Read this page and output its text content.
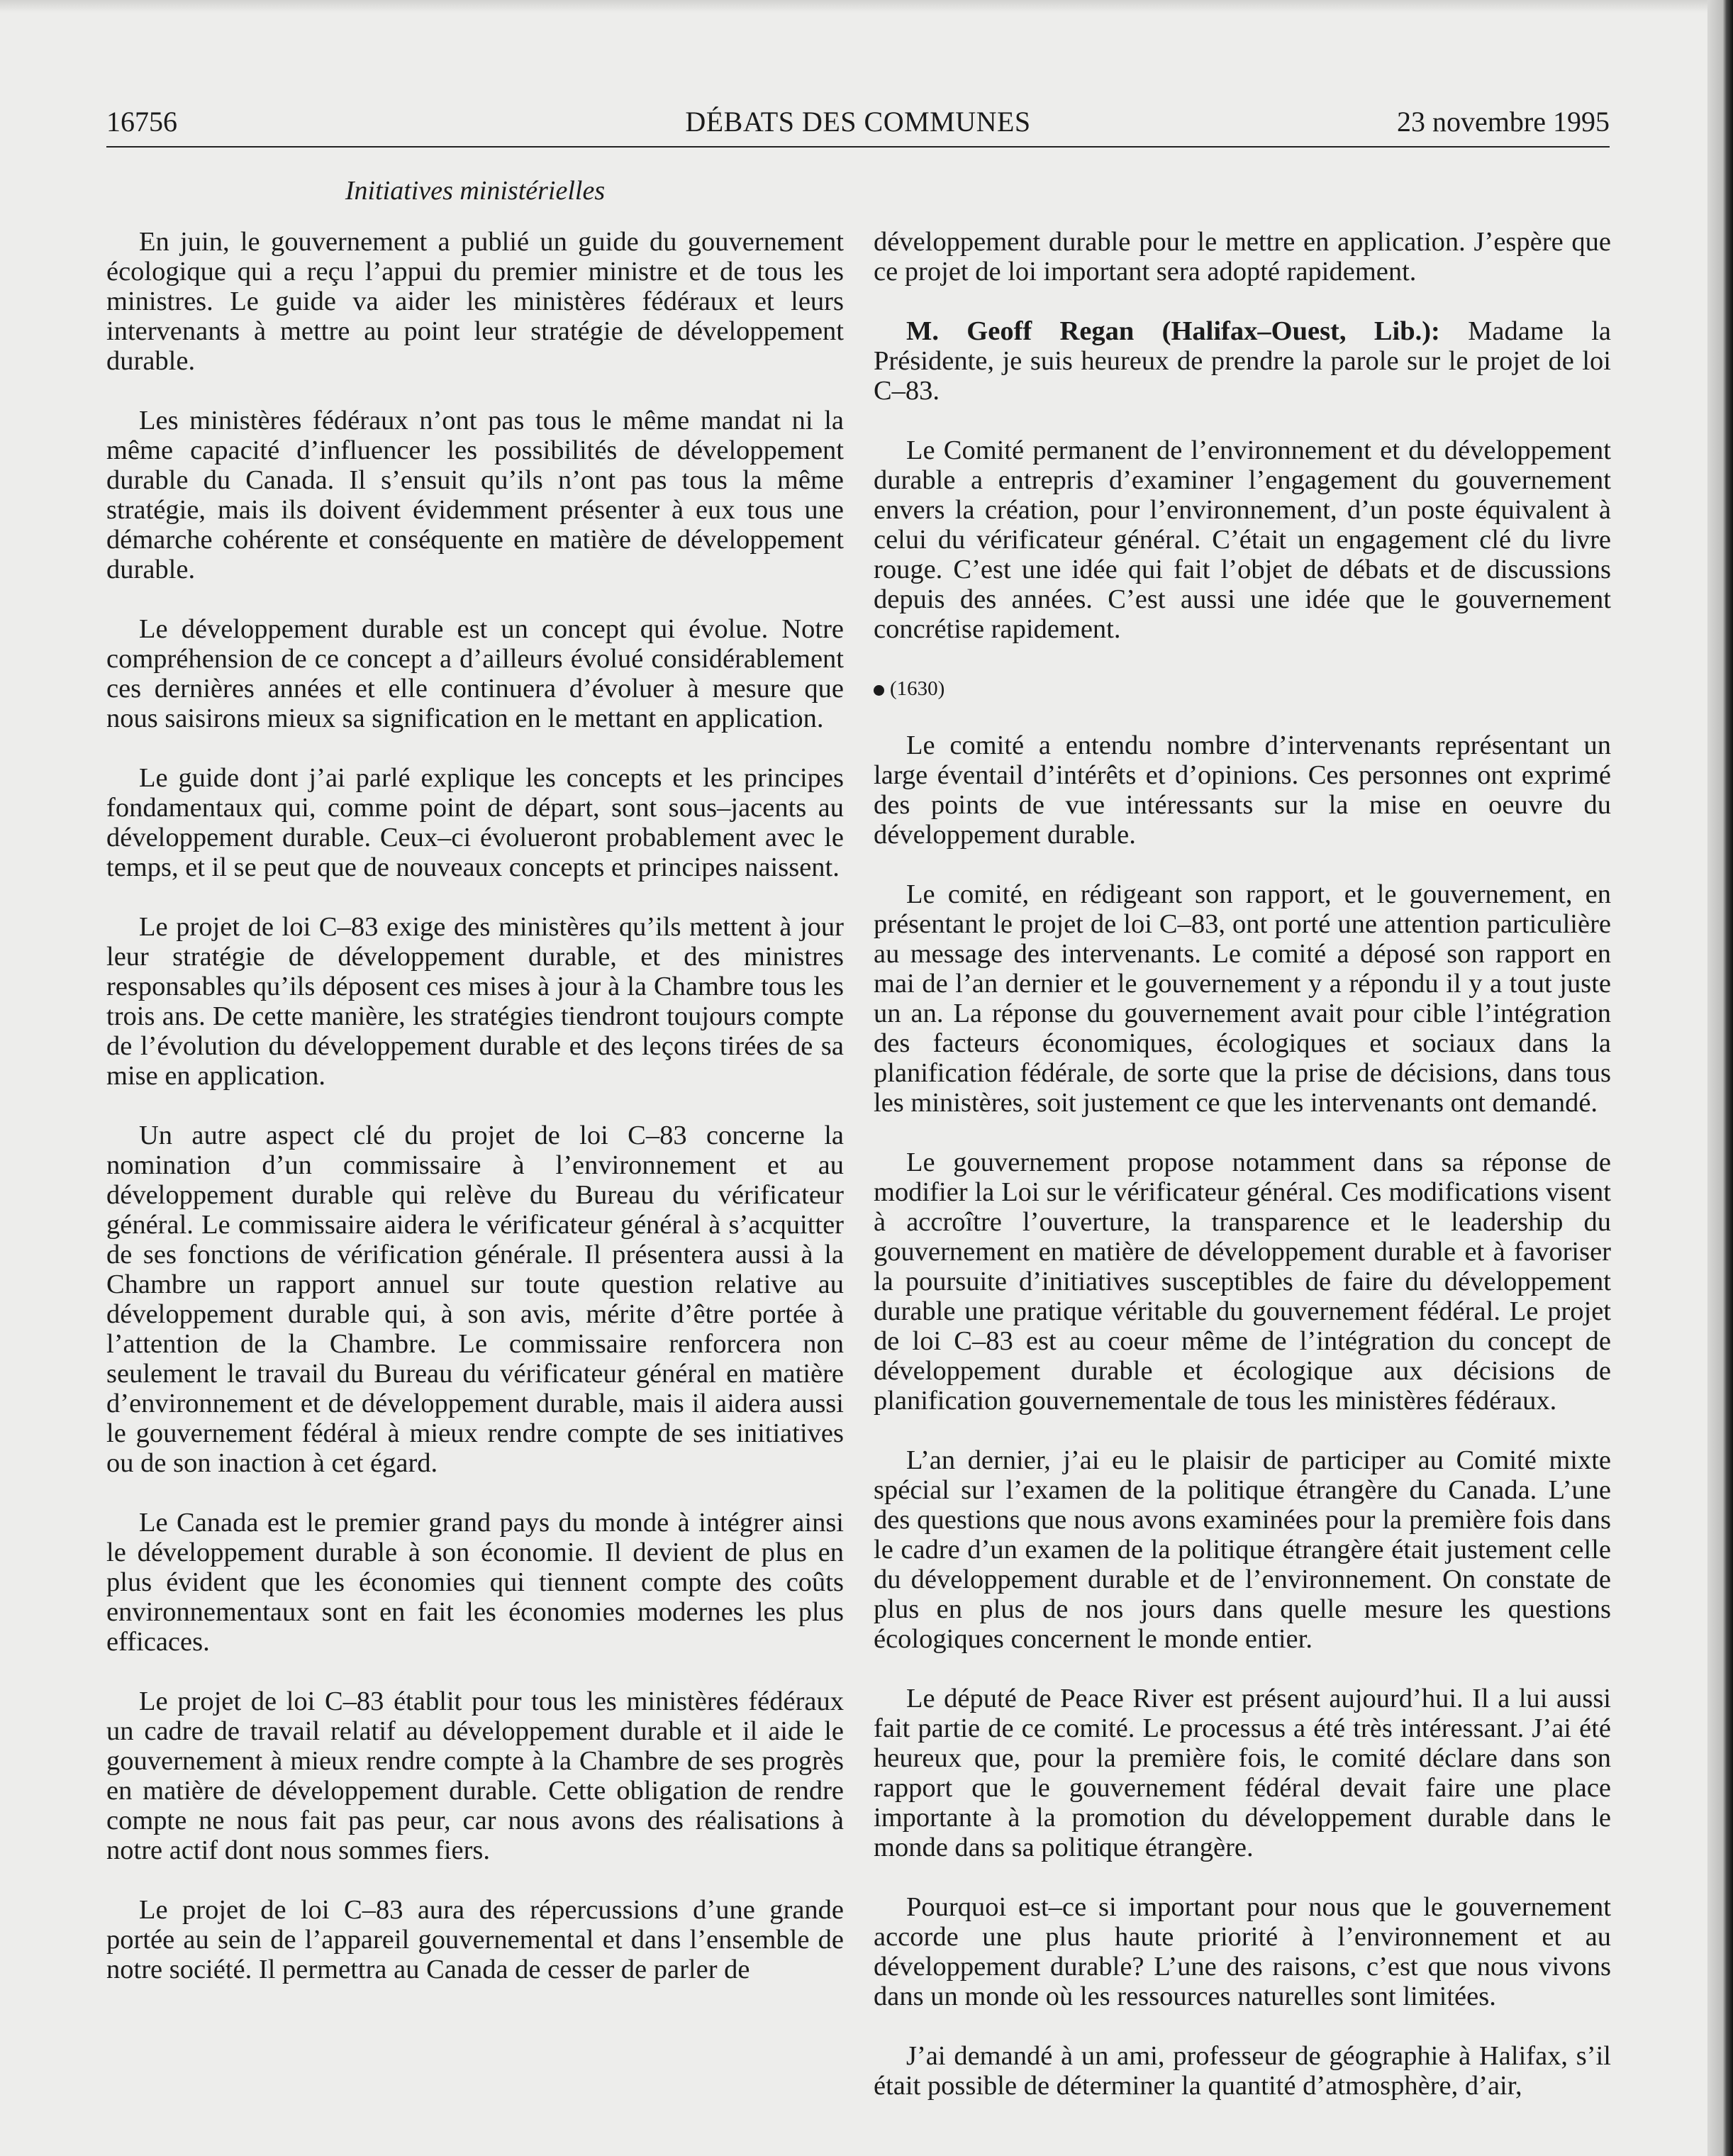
16756	DÉBATS DES COMMUNES	23 novembre 1995
Initiatives ministérielles

En juin, le gouvernement a publié un guide du gouvernement écologique qui a reçu l’appui du premier ministre et de tous les ministres. Le guide va aider les ministères fédéraux et leurs intervenants à mettre au point leur stratégie de développement durable.

Les ministères fédéraux n’ont pas tous le même mandat ni la même capacité d’influencer les possibilités de développement durable du Canada. Il s’ensuit qu’ils n’ont pas tous la même stratégie, mais ils doivent évidemment présenter à eux tous une démarche cohérente et conséquente en matière de développement durable.

Le développement durable est un concept qui évolue. Notre compréhension de ce concept a d’ailleurs évolué considérablement ces dernières années et elle continuera d’évoluer à mesure que nous saisirons mieux sa signification en le mettant en application.

Le guide dont j’ai parlé explique les concepts et les principes fondamentaux qui, comme point de départ, sont sous–jacents au développement durable. Ceux–ci évolueront probablement avec le temps, et il se peut que de nouveaux concepts et principes naissent.

Le projet de loi C–83 exige des ministères qu’ils mettent à jour leur stratégie de développement durable, et des ministres responsables qu’ils déposent ces mises à jour à la Chambre tous les trois ans. De cette manière, les stratégies tiendront toujours compte de l’évolution du développement durable et des leçons tirées de sa mise en application.

Un autre aspect clé du projet de loi C–83 concerne la nomination d’un commissaire à l’environnement et au développement durable qui relève du Bureau du vérificateur général. Le commissaire aidera le vérificateur général à s’acquitter de ses fonctions de vérification générale. Il présentera aussi à la Chambre un rapport annuel sur toute question relative au développement durable qui, à son avis, mérite d’être portée à l’attention de la Chambre. Le commissaire renforcera non seulement le travail du Bureau du vérificateur général en matière d’environnement et de développement durable, mais il aidera aussi le gouvernement fédéral à mieux rendre compte de ses initiatives ou de son inaction à cet égard.

Le Canada est le premier grand pays du monde à intégrer ainsi le développement durable à son économie. Il devient de plus en plus évident que les économies qui tiennent compte des coûts environnementaux sont en fait les économies modernes les plus efficaces.

Le projet de loi C–83 établit pour tous les ministères fédéraux un cadre de travail relatif au développement durable et il aide le gouvernement à mieux rendre compte à la Chambre de ses progrès en matière de développement durable. Cette obligation de rendre compte ne nous fait pas peur, car nous avons des réalisations à notre actif dont nous sommes fiers.

Le projet de loi C–83 aura des répercussions d’une grande portée au sein de l’appareil gouvernemental et dans l’ensemble de notre société. Il permettra au Canada de cesser de parler de

développement durable pour le mettre en application. J’espère que ce projet de loi important sera adopté rapidement.

M. Geoff Regan (Halifax–Ouest, Lib.): Madame la Présidente, je suis heureux de prendre la parole sur le projet de loi C–83.

Le Comité permanent de l’environnement et du développement durable a entrepris d’examiner l’engagement du gouvernement envers la création, pour l’environnement, d’un poste équivalent à celui du vérificateur général. C’était un engagement clé du livre rouge. C’est une idée qui fait l’objet de débats et de discussions depuis des années. C’est aussi une idée que le gouvernement concrétise rapidement.

(1630)

Le comité a entendu nombre d’intervenants représentant un large éventail d’intérêts et d’opinions. Ces personnes ont exprimé des points de vue intéressants sur la mise en oeuvre du développement durable.

Le comité, en rédigeant son rapport, et le gouvernement, en présentant le projet de loi C–83, ont porté une attention particulière au message des intervenants. Le comité a déposé son rapport en mai de l’an dernier et le gouvernement y a répondu il y a tout juste un an. La réponse du gouvernement avait pour cible l’intégration des facteurs économiques, écologiques et sociaux dans la planification fédérale, de sorte que la prise de décisions, dans tous les ministères, soit justement ce que les intervenants ont demandé.

Le gouvernement propose notamment dans sa réponse de modifier la Loi sur le vérificateur général. Ces modifications visent à accroître l’ouverture, la transparence et le leadership du gouvernement en matière de développement durable et à favoriser la poursuite d’initiatives susceptibles de faire du développement durable une pratique véritable du gouvernement fédéral. Le projet de loi C–83 est au coeur même de l’intégration du concept de développement durable et écologique aux décisions de planification gouvernementale de tous les ministères fédéraux.

L’an dernier, j’ai eu le plaisir de participer au Comité mixte spécial sur l’examen de la politique étrangère du Canada. L’une des questions que nous avons examinées pour la première fois dans le cadre d’un examen de la politique étrangère était justement celle du développement durable et de l’environnement. On constate de plus en plus de nos jours dans quelle mesure les questions écologiques concernent le monde entier.

Le député de Peace River est présent aujourd’hui. Il a lui aussi fait partie de ce comité. Le processus a été très intéressant. J’ai été heureux que, pour la première fois, le comité déclare dans son rapport que le gouvernement fédéral devait faire une place importante à la promotion du développement durable dans le monde dans sa politique étrangère.

Pourquoi est–ce si important pour nous que le gouvernement accorde une plus haute priorité à l’environnement et au développement durable? L’une des raisons, c’est que nous vivons dans un monde où les ressources naturelles sont limitées.

J’ai demandé à un ami, professeur de géographie à Halifax, s’il était possible de déterminer la quantité d’atmosphère, d’air,
